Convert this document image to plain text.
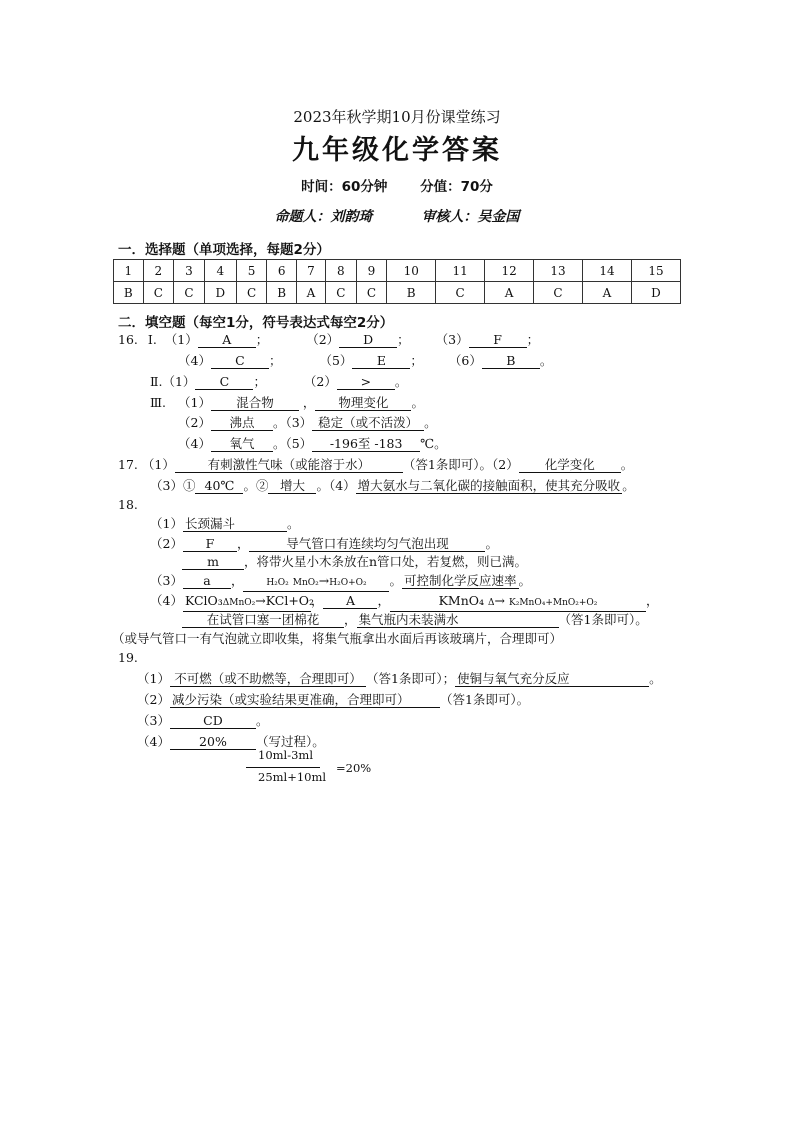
2023年秋学期10月份课堂练习
九年级化学答案
时间：60分钟 分值：70分
命题人：刘韵琦	审核人：吴金国
一．选择题（单项选择，每题2分）
1	2	3	4	5	6	7	8	9	10	11	12	13	14	15
B	C	C	D	C	B	A	C	C	B	C	A	C	A	D
二．填空题（每空1分，符号表达式每空2分）
16. Ⅰ. （1） A ；	（2） D ； （3） F ；
（4） C ；	（5） E ； （6） B 。
Ⅱ.（1） C ；	（2） > 。
Ⅲ. （1） 混合物 ， 物理变化 。
（2） 沸点 。（3） 稳定（或不活泼） 。
（4） 氧气 。（5） -196至 -183 ℃。
17. （1）	有刺激性气味（或能溶于水）	（答1条即可）。（2） 化学变化 。
（3）① 40℃ 。② 增大 。（4） 增大氨水与二氧化碳的接触面积，使其充分吸收 。
18.
（1） 长颈漏斗	。
（2） F ，	导气管口有连续均匀气泡出现	。
m ，将带火星小木条放在n管口处，若复燃，则已满。
（3） a ，	H₂O₂ MnO₂→H₂O+O₂ 。 可控制化学反应速率 。
（4） KClO₃ΔMnO₂→KCl+O₂， A ，	KMnO₄ Δ→ K₂MnO₄+MnO₂+O₂	，
在试管口塞一团棉花 ， 集气瓶内未装满水	（答1条即可）。
（或导气管口一有气泡就立即收集，将集气瓶拿出水面后再该玻璃片，合理即可）
19.
（1） 不可燃（或不助燃等，合理即可） （答1条即可）； 使铜与氧气充分反应	。
（2） 减少污染（或实验结果更准确，合理即可） （答1条即可）。
（3）	CD	。
（4） 20% （写过程）。
10ml-3ml
25ml+10ml
=20%
